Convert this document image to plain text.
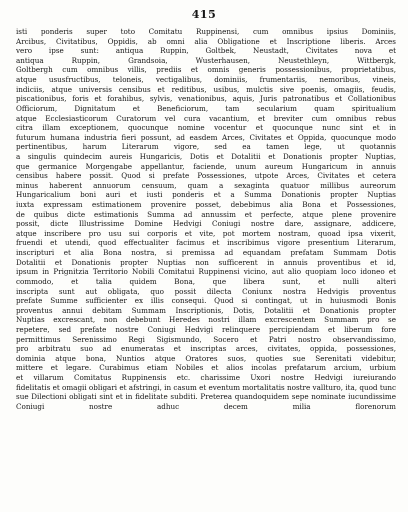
415
isti ponderis super toto Comitatu Ruppinensi, cum omnibus ipsius Dominiis,
Arcibus, Civitatibus, Oppidis, ab omni alia Obligatione et Inscriptione liberis. Arces
vero ipse sunt: antiqua Ruppin, Goltbek, Neustadt, Civitates nova et
antiqua Ruppin, Grandsoia, Wusterhausen, Neustethleyn, Wittbergk,
Goltbergh cum omnibus villis, prediis et omnis generis possessionibus, proprietatibus,
atque ususfructibus, teloneis, vectigalibus, dominiis, frumentariis, nemoribus, vineis,
indiciis, atque universis censibus et reditibus, usibus, mulctis sive poenis, omagiis, feudis,
piscationibus, foris et forahibus, sylvis, venationibus, aquis, Juris patronatibus et Collationibus Officiorum, Dignitatum et Beneficiorum, tam secularium quam spiritualium
atque Ecclesiasticorum Curatorum vel cura vacantium, et breviter cum omnibus rebus
citra illam exceptionem, quocunque nomine vocentur et quocunque nunc sint et in
futurum humana industria fieri possunt, ad easdem Arces, Civitates et Oppida, quocunque modo pertinentibus, harum Literarum vigore, sed ea tamen lege, ut quotannis
a singulis quindecim aureis Hungaricis, Dotis et Dotalitii et Donationis propter Nuptias,
que germanice Morgengabe appellantur, faciende, unum aureum Hungaricum in annuis
censibus habere possit. Quod si prefate Possessiones, utpote Arces, Civitates et cetera
minus haberent annuorum censuum, quam a sexaginta quatuor millibus aureorum
Hungaricalium boni auri et iusti ponderis et a Summa Donationis propter Nuptias
iuxta expressam estimationem provenire posset, debebimus alia Bona et Possessiones,
de quibus dicte estimationis Summa ad annussim et perfecte, atque plene provenire
possit, dicte Illustrissime Domine Hedvigi Coniugi nostre dare, assignare, addicere,
atque inscribere pro usu sui corporis et vite, pot mortem nostram, quoad ipsa vixerit,
fruendi et utendi, quod effectualiter facimus et inscribimus vigore presentium Literarum,
inscripturi et alia Bona nostra, si premissa ad equandam prefatam Summam Dotis
Dotalitii et Donationis propter Nuptias non sufficerent in annuis proventibus et id,
ipsum in Prignitzia Territorio Nobili Comitatui Ruppinensi vicino, aut alio quopiam loco idoneo et commodo, et talia quidem Bona, que libera sunt, et nulli alteri
inscripta sunt aut obligata, quo possit dilecta Coniunx nostra Hedvigis proventus
prefate Summe sufficienter ex illis consequi. Quod si contingat, ut in huiusmodi Bonis
proventus annui debitam Summam Inscriptionis, Dotis, Dotalitii et Donationis propter
Nuptias excrescant, non debebunt Heredes nostri illam excrescentem Summam pro se
repetere, sed prefate nostre Coniugi Hedvigi relinquere percipiendam et liberum fore
permittimus Serenissimo Regi Sigismundo, Socero et Patri nostro observandissimo,
pro arbitratu suo ad enumeratas et inscriptas arces, civitates, oppida, possessiones,
dominia atque bona, Nuntios atque Oratores suos, quoties sue Serenitati videbitur,
mittere et legare. Curabimus etiam Nobiles et alios incolas prefatarum arcium, urbium
et villarum Comitatus Ruppinensis etc. charissime Uxori nostre Hedvigi iureiurando
fidelitatis et omagii obligari et afstringi, in casum et eventum mortalitatis nostre vallturo, ita, quod tunc sue Dilectioni obligati sint et in fidelitate subditi. Preterea quandoquidem sepe nominate iucundissime Coniugi nostre adhuc decem milia florenorum
